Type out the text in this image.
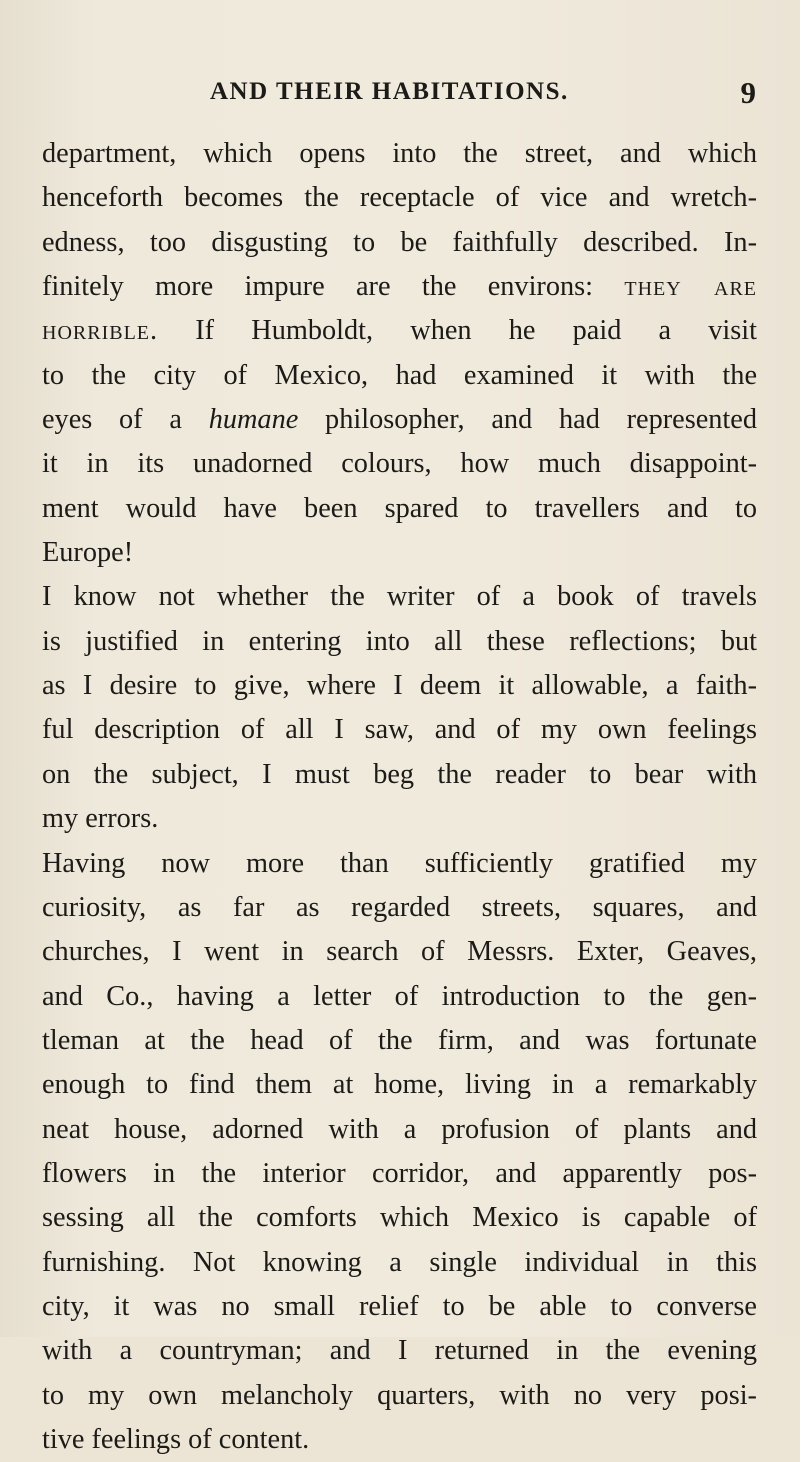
AND THEIR HABITATIONS.	9
department, which opens into the street, and which
henceforth becomes the receptacle of vice and wretch-
edness, too disgusting to be faithfully described. In-
finitely more impure are the environs: they are
horrible. If Humboldt, when he paid a visit
to the city of Mexico, had examined it with the
eyes of a humane philosopher, and had represented
it in its unadorned colours, how much disappoint-
ment would have been spared to travellers and to
Europe!
I know not whether the writer of a book of travels
is justified in entering into all these reflections; but
as I desire to give, where I deem it allowable, a faith-
ful description of all I saw, and of my own feelings
on the subject, I must beg the reader to bear with
my errors.
Having now more than sufficiently gratified my
curiosity, as far as regarded streets, squares, and
churches, I went in search of Messrs. Exter, Geaves,
and Co., having a letter of introduction to the gen-
tleman at the head of the firm, and was fortunate
enough to find them at home, living in a remarkably
neat house, adorned with a profusion of plants and
flowers in the interior corridor, and apparently pos-
sessing all the comforts which Mexico is capable of
furnishing. Not knowing a single individual in this
city, it was no small relief to be able to converse
with a countryman; and I returned in the evening
to my own melancholy quarters, with no very posi-
tive feelings of content.
